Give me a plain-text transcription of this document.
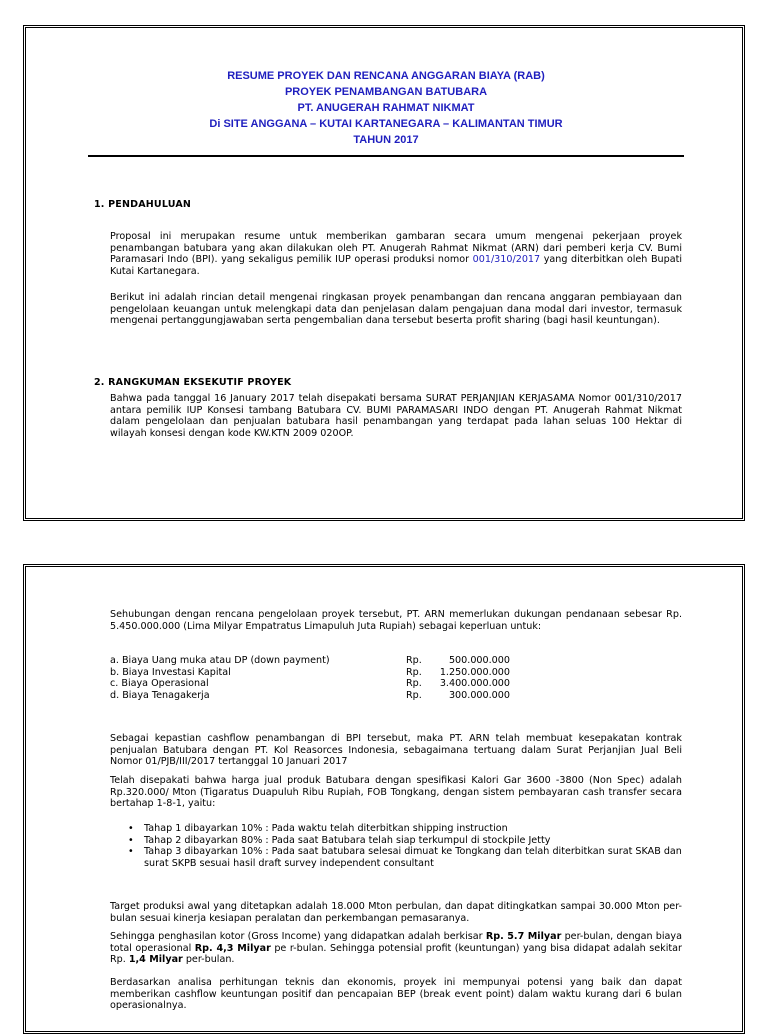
RESUME PROYEK DAN RENCANA ANGGARAN BIAYA (RAB)
PROYEK PENAMBANGAN BATUBARA
PT. ANUGERAH RAHMAT NIKMAT
Di SITE ANGGANA – KUTAI KARTANEGARA – KALIMANTAN TIMUR
TAHUN 2017
1. PENDAHULUAN

Proposal ini merupakan resume untuk memberikan gambaran secara umum mengenai pekerjaan proyek penambangan batubara yang akan dilakukan oleh PT. Anugerah Rahmat Nikmat (ARN) dari pemberi kerja CV. Bumi Paramasari Indo (BPI). yang sekaligus pemilik IUP operasi produksi nomor 001/310/2017 yang diterbitkan oleh Bupati Kutai Kartanegara.

Berikut ini adalah rincian detail mengenai ringkasan proyek penambangan dan rencana anggaran pembiayaan dan pengelolaan keuangan untuk melengkapi data dan penjelasan dalam pengajuan dana modal dari investor, termasuk mengenai pertanggungjawaban serta pengembalian dana tersebut beserta profit sharing (bagi hasil keuntungan).

2. RANGKUMAN EKSEKUTIF PROYEK

Bahwa pada tanggal 16 January 2017 telah disepakati bersama SURAT PERJANJIAN KERJASAMA Nomor 001/310/2017 antara pemilik IUP Konsesi tambang Batubara CV. BUMI PARAMASARI INDO dengan PT. Anugerah Rahmat Nikmat dalam pengelolaan dan penjualan batubara hasil penambangan yang terdapat pada lahan seluas 100 Hektar di wilayah konsesi dengan kode KW.KTN 2009 020OP.

Sehubungan dengan rencana pengelolaan proyek tersebut, PT. ARN memerlukan dukungan pendanaan sebesar Rp. 5.450.000.000 (Lima Milyar Empatratus Limapuluh Juta Rupiah) sebagai keperluan untuk:

a. Biaya Uang muka atau DP (down payment)	Rp.	500.000.000
b. Biaya Investasi Kapital	Rp.	1.250.000.000
c. Biaya Operasional	Rp.	3.400.000.000
d. Biaya Tenagakerja	Rp.	300.000.000

Sebagai kepastian cashflow penambangan di BPI tersebut, maka PT. ARN telah membuat kesepakatan kontrak penjualan Batubara dengan PT. Kol Reasorces Indonesia, sebagaimana tertuang dalam Surat Perjanjian Jual Beli Nomor 01/PJB/III/2017 tertanggal 10 Januari 2017

Telah disepakati bahwa harga jual produk Batubara dengan spesifikasi Kalori Gar 3600 -3800 (Non Spec) adalah Rp.320.000/ Mton (Tigaratus Duapuluh Ribu Rupiah, FOB Tongkang, dengan sistem pembayaran cash transfer secara bertahap 1-8-1, yaitu:

• Tahap 1 dibayarkan 10% : Pada waktu telah diterbitkan shipping instruction
• Tahap 2 dibayarkan 80% : Pada saat Batubara telah siap terkumpul di stockpile Jetty
• Tahap 3 dibayarkan 10% : Pada saat batubara selesai dimuat ke Tongkang dan telah diterbitkan surat SKAB dan surat SKPB sesuai hasil draft survey independent consultant

Target produksi awal yang ditetapkan adalah 18.000 Mton perbulan, dan dapat ditingkatkan sampai 30.000 Mton per-bulan sesuai kinerja kesiapan peralatan dan perkembangan pemasaranya.

Sehingga penghasilan kotor (Gross Income) yang didapatkan adalah berkisar Rp. 5.7 Milyar per-bulan, dengan biaya total operasional Rp. 4,3 Milyar pe r-bulan. Sehingga potensial profit (keuntungan) yang bisa didapat adalah sekitar Rp. 1,4 Milyar per-bulan.

Berdasarkan analisa perhitungan teknis dan ekonomis, proyek ini mempunyai potensi yang baik dan dapat memberikan cashflow keuntungan positif dan pencapaian BEP (break event point) dalam waktu kurang dari 6 bulan operasionalnya.
